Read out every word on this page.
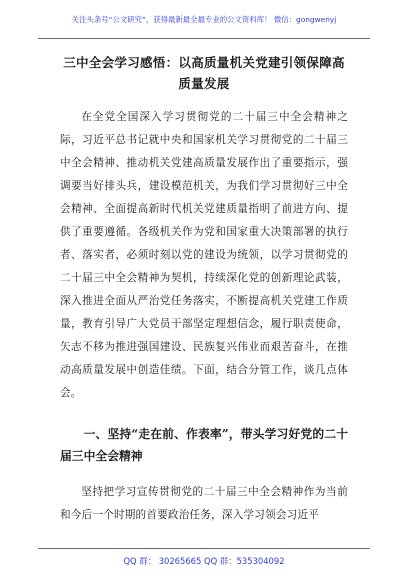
关注头条号“公文研究”，获得最新最全最专业的公文资料库！ 微信：gongwenyj
三中全会学习感悟：以高质量机关党建引领保障高质量发展

在全党全国深入学习贯彻党的二十届三中全会精神之际，习近平总书记就中央和国家机关学习贯彻党的二十届三中全会精神、推动机关党建高质量发展作出了重要指示，强调要当好排头兵，建设模范机关，为我们学习贯彻好三中全会精神、全面提高新时代机关党建质量指明了前进方向、提供了重要遵循。各级机关作为党和国家重大决策部署的执行者、落实者，必须时刻以党的建设为统领，以学习贯彻党的二十届三中全会精神为契机，持续深化党的创新理论武装，深入推进全面从严治党任务落实，不断提高机关党建工作质量，教育引导广大党员干部坚定理想信念，履行职责使命，矢志不移为推进强国建设、民族复兴伟业而艰苦奋斗，在推动高质量发展中创造佳绩。下面，结合分管工作，谈几点体会。

一、坚持“走在前、作表率”，带头学习好党的二十届三中全会精神

坚持把学习宣传贯彻党的二十届三中全会精神作为当前和今后一个时期的首要政治任务，深入学习领会习近平

QQ 群： 30265665 QQ 群：535304092
